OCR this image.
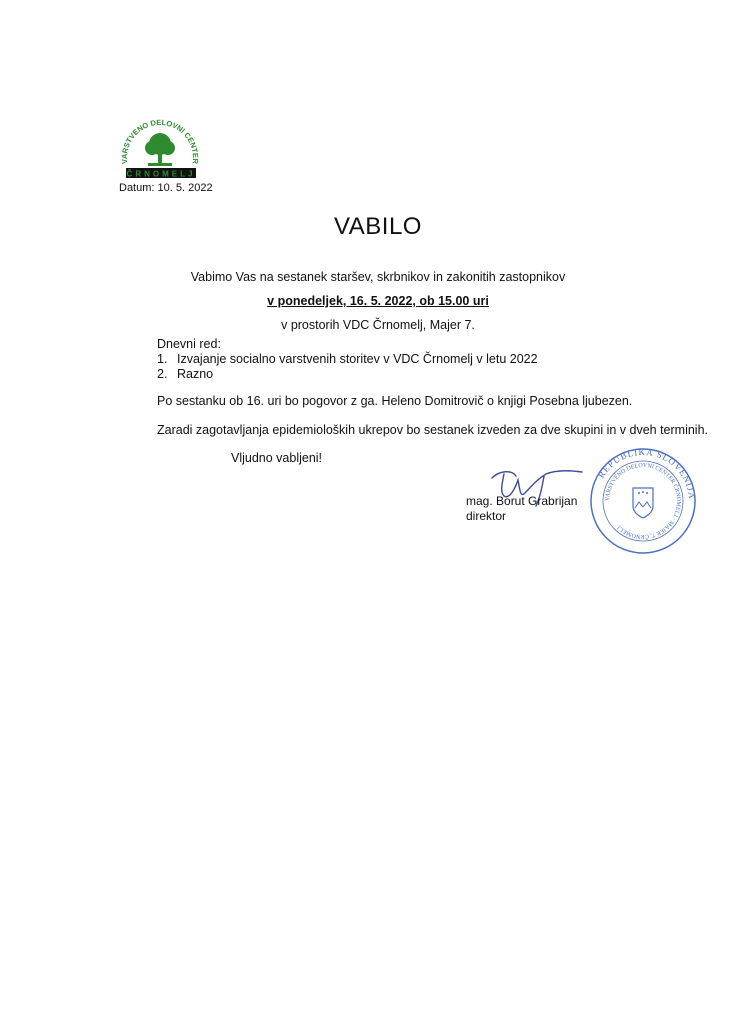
VARSTVENO DELOVNI CENTER
ČRNOMELJ
Datum: 10. 5. 2022
VABILO
Vabimo Vas na sestanek staršev, skrbnikov in zakonitih zastopnikov
v ponedeljek, 16. 5. 2022, ob 15.00 uri
v prostorih VDC Črnomelj, Majer 7.
Dnevni red:
1. Izvajanje socialno varstvenih storitev v VDC Črnomelj v letu 2022
2. Razno
Po sestanku ob 16. uri bo pogovor z ga. Heleno Domitrovič o knjigi Posebna ljubezen.
Zaradi zagotavljanja epidemioloških ukrepov bo sestanek izveden za dve skupini in v dveh terminih.
Vljudno vabljeni!
mag. Borut Grabrijan
direktor
REPUBLIKA SLOVENIJA
VARSTVENO DELOVNI CENTER ČRNOMELJ · MAJER 7, ČRNOMELJ
